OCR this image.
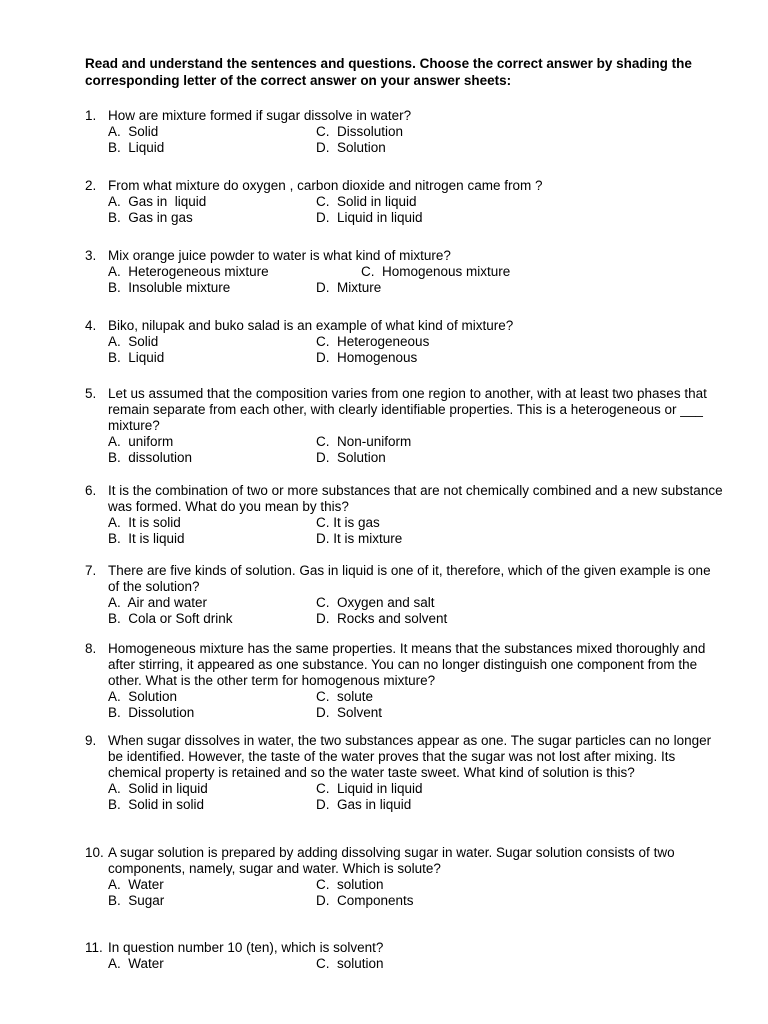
Read and understand the sentences and questions. Choose the correct answer by shading the corresponding letter of the correct answer on your answer sheets:
1. How are mixture formed if sugar dissolve in water?
A.  Solid	C.  Dissolution
B.  Liquid	D.  Solution
2. From what mixture do oxygen , carbon dioxide and nitrogen came from ?
A.  Gas in  liquid	C.  Solid in liquid
B.  Gas in gas	D.  Liquid in liquid
3. Mix orange juice powder to water is what kind of mixture?
A.  Heterogeneous mixture	C.  Homogenous mixture
B.  Insoluble mixture	D.  Mixture
4. Biko, nilupak and buko salad is an example of what kind of mixture?
A.  Solid	C.  Heterogeneous
B.  Liquid	D.  Homogenous
5. Let us assumed that the composition varies from one region to another, with at least two phases that remain separate from each other, with clearly identifiable properties. This is a heterogeneous or ___ mixture?
A.  uniform	C.  Non-uniform
B.  dissolution	D.  Solution
6. It is the combination of two or more substances that are not chemically combined and a new substance was formed. What do you mean by this?
A.  It is solid	C. It is gas
B.  It is liquid	D. It is mixture
7. There are five kinds of solution. Gas in liquid is one of it, therefore, which of the given example is one of the solution?
A.  Air and water	C.  Oxygen and salt
B.  Cola or Soft drink	D.  Rocks and solvent
8. Homogeneous mixture has the same properties. It means that the substances mixed thoroughly and after stirring, it appeared as one substance. You can no longer distinguish one component from the other. What is the other term for homogenous mixture?
A.  Solution	C.  solute
B.  Dissolution	D.  Solvent
9. When sugar dissolves in water, the two substances appear as one. The sugar particles can no longer be identified. However, the taste of the water proves that the sugar was not lost after mixing. Its chemical property is retained and so the water taste sweet. What kind of solution is this?
A.  Solid in liquid	C.  Liquid in liquid
B.  Solid in solid	D.  Gas in liquid
10. A sugar solution is prepared by adding dissolving sugar in water. Sugar solution consists of two components, namely, sugar and water. Which is solute?
A.  Water	C.  solution
B.  Sugar	D.  Components
11. In question number 10 (ten), which is solvent?
A.  Water	C.  solution
